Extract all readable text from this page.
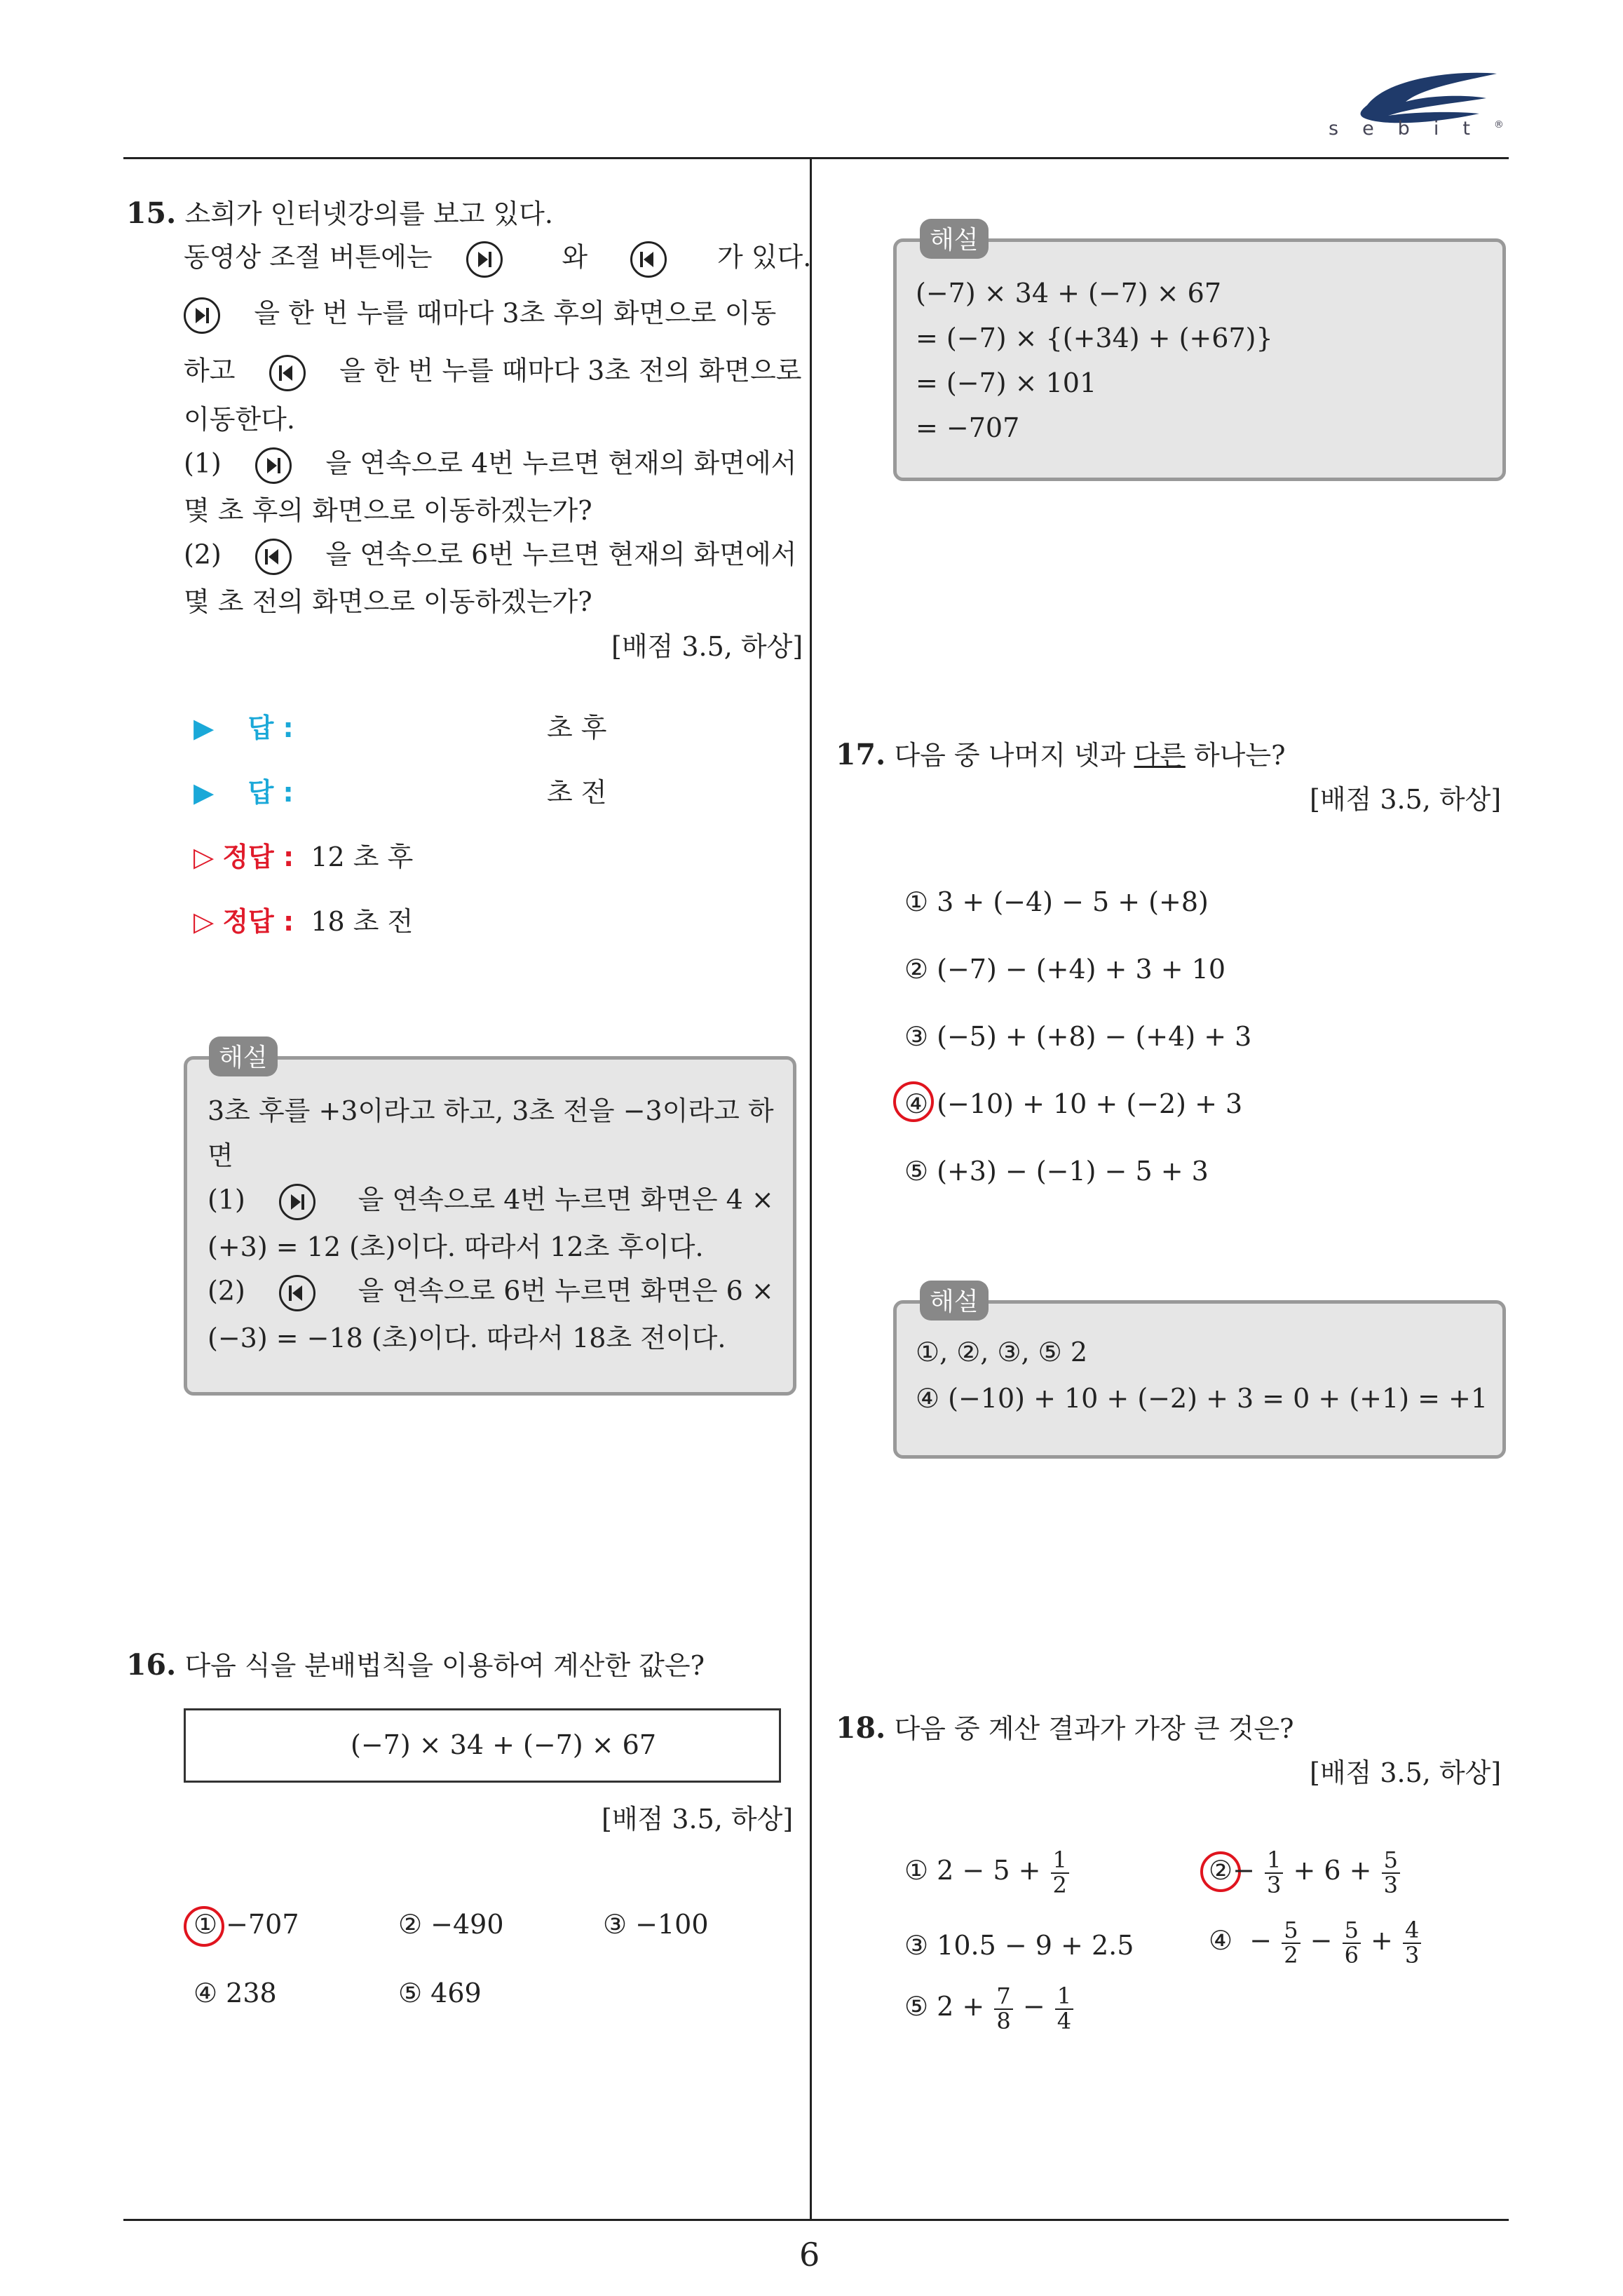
sebit®
15. 소희가 인터넷강의를 보고 있다.
동영상 조절 버튼에는	와	가 있다.
을 한 번 누를 때마다 3초 후의 화면으로 이동
하고	을 한 번 누를 때마다 3초 전의 화면으로
이동한다.
(1)	을 연속으로 4번 누르면 현재의 화면에서
몇 초 후의 화면으로 이동하겠는가?
(2)	을 연속으로 6번 누르면 현재의 화면에서
몇 초 전의 화면으로 이동하겠는가?
[배점 3.5, 하상]
▶ 답 :	초 후
▶ 답 :	초 전
▷ 정답 : 12 초 후
▷ 정답 : 18 초 전
해설
3초 후를 +3이라고 하고, 3초 전을 −3이라고 하
면
(1)	을 연속으로 4번 누르면 화면은 4 ×
(+3) = 12 (초)이다. 따라서 12초 후이다.
(2)	을 연속으로 6번 누르면 화면은 6 ×
(−3) = −18 (초)이다. 따라서 18초 전이다.
16. 다음 식을 분배법칙을 이용하여 계산한 값은?
(−7) × 34 + (−7) × 67
[배점 3.5, 하상]
① −707	② −490	③ −100
④ 238	⑤ 469
해설
(−7) × 34 + (−7) × 67
= (−7) × {(+34) + (+67)}
= (−7) × 101
= −707
17. 다음 중 나머지 넷과 다른 하나는?
[배점 3.5, 하상]
① 3 + (−4) − 5 + (+8)
② (−7) − (+4) + 3 + 10
③ (−5) + (+8) − (+4) + 3
④ (−10) + 10 + (−2) + 3
⑤ (+3) − (−1) − 5 + 3
해설
①, ②, ③, ⑤ 2
④ (−10) + 10 + (−2) + 3 = 0 + (+1) = +1
18. 다음 중 계산 결과가 가장 큰 것은?
[배점 3.5, 하상]
① $2 - 5 + \frac{1}{2}$	②− $\frac{1}{3} + 6 + \frac{5}{3}$
③ 10.5 − 9 + 2.5	④ − $\frac{5}{2} - \frac{5}{6} + \frac{4}{3}$
⑤ $2 + \frac{7}{8} - \frac{1}{4}$
6
